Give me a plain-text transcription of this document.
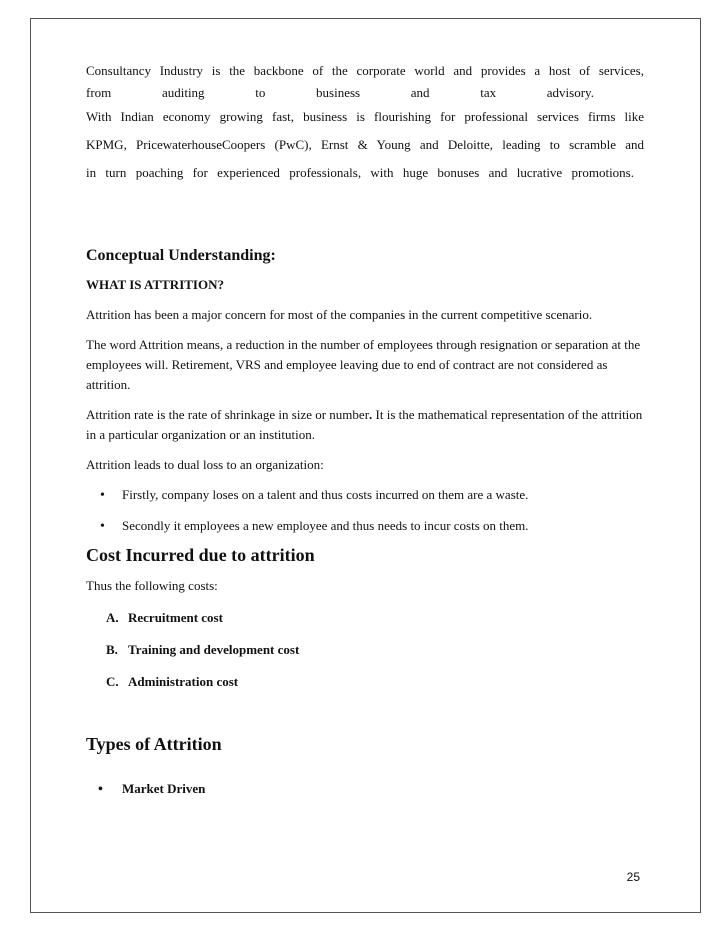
Consultancy Industry is the backbone of the corporate world and provides a host of services,
from	auditing	to	business	and	tax	advisory.
With Indian economy growing fast, business is flourishing for professional services firms like
KPMG, PricewaterhouseCoopers (PwC), Ernst & Young and Deloitte, leading to scramble and
in turn poaching for experienced professionals, with huge bonuses and lucrative promotions.
Conceptual Understanding:
WHAT IS ATTRITION?
Attrition has been a major concern for most of the companies in the current competitive scenario.
The word Attrition means, a reduction in the number of employees through resignation or separation at the employees will. Retirement, VRS and employee leaving due to end of contract are not considered as attrition.
Attrition rate is the rate of shrinkage in size or number. It is the mathematical representation of the attrition in a particular organization or an institution.
Attrition leads to dual loss to an organization:
•	Firstly, company loses on a talent and thus costs incurred on them are a waste.
•	Secondly it employees a new employee and thus needs to incur costs on them.
Cost Incurred due to attrition
Thus the following costs:
A. Recruitment cost
B. Training and development cost
C. Administration cost
Types of Attrition
•	Market Driven
25
